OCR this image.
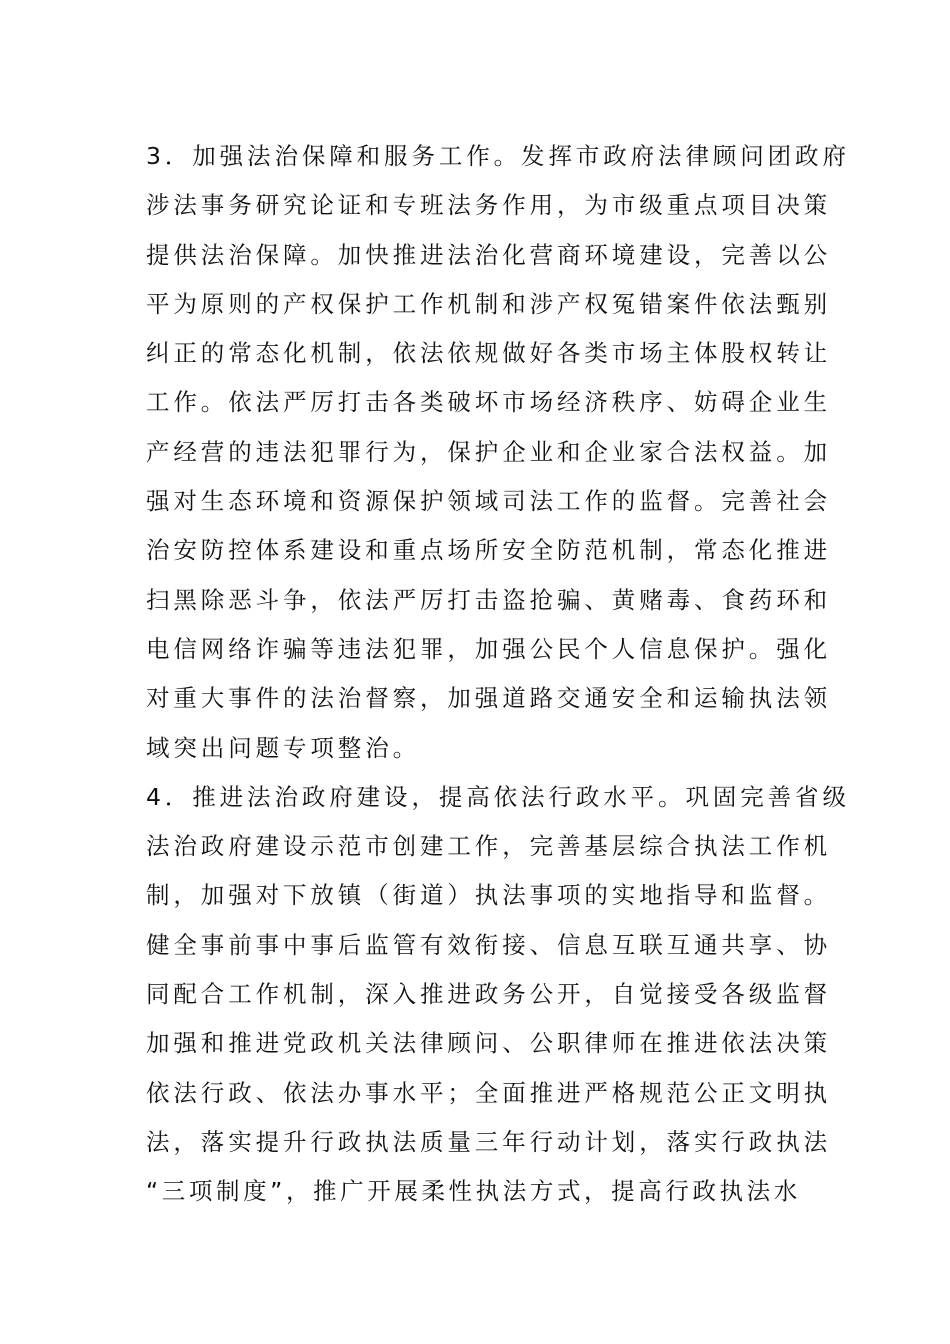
3．加强法治保障和服务工作。发挥市政府法律顾问团政府
涉法事务研究论证和专班法务作用，为市级重点项目决策
提供法治保障。加快推进法治化营商环境建设，完善以公
平为原则的产权保护工作机制和涉产权冤错案件依法甄别
纠正的常态化机制，依法依规做好各类市场主体股权转让
工作。依法严厉打击各类破坏市场经济秩序、妨碍企业生
产经营的违法犯罪行为，保护企业和企业家合法权益。加
强对生态环境和资源保护领域司法工作的监督。完善社会
治安防控体系建设和重点场所安全防范机制，常态化推进
扫黑除恶斗争，依法严厉打击盗抢骗、黄赌毒、食药环和
电信网络诈骗等违法犯罪，加强公民个人信息保护。强化
对重大事件的法治督察，加强道路交通安全和运输执法领
域突出问题专项整治。
4．推进法治政府建设，提高依法行政水平。巩固完善省级
法治政府建设示范市创建工作，完善基层综合执法工作机
制，加强对下放镇（街道）执法事项的实地指导和监督。
健全事前事中事后监管有效衔接、信息互联互通共享、协
同配合工作机制，深入推进政务公开，自觉接受各级监督
加强和推进党政机关法律顾问、公职律师在推进依法决策
依法行政、依法办事水平；全面推进严格规范公正文明执
法，落实提升行政执法质量三年行动计划，落实行政执法
“三项制度”，推广开展柔性执法方式，提高行政执法水
